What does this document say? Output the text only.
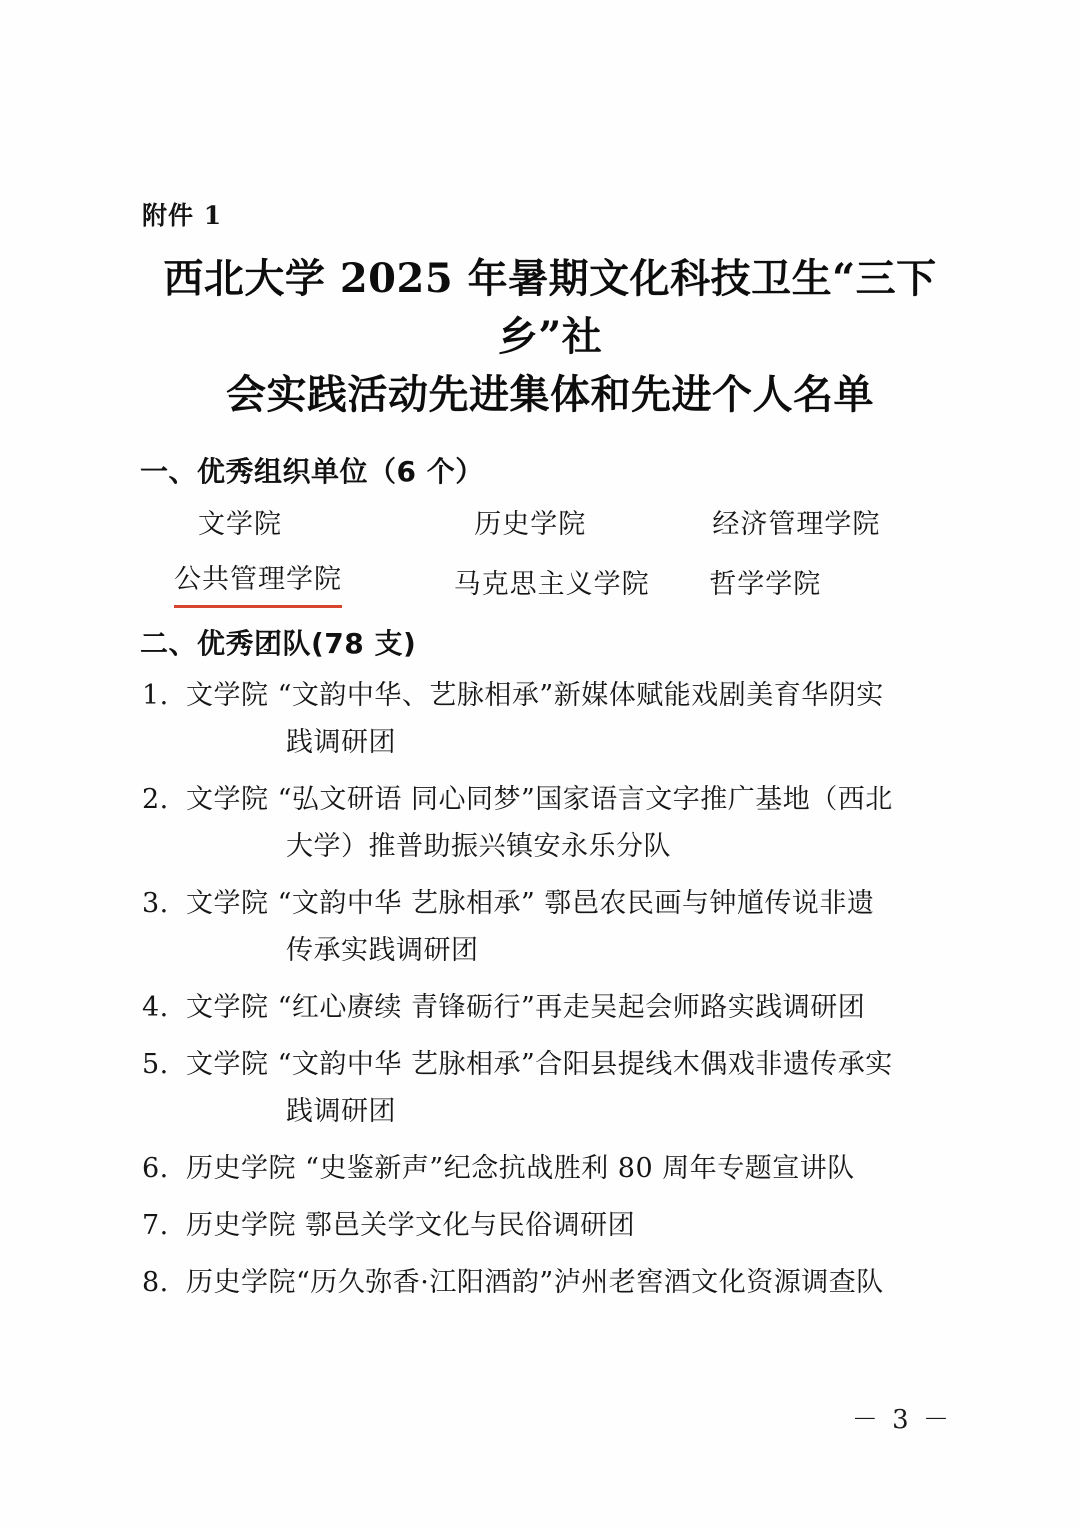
附件 1
西北大学 2025 年暑期文化科技卫生“三下乡”社
会实践活动先进集体和先进个人名单
一、优秀组织单位（6 个）
文学院	历史学院	经济管理学院
公共管理学院	马克思主义学院	哲学学院
二、优秀团队(78 支)
1. 文学院 “文韵中华、艺脉相承”新媒体赋能戏剧美育华阴实
践调研团
2. 文学院 “弘文研语 同心同梦”国家语言文字推广基地（西北
大学）推普助振兴镇安永乐分队
3. 文学院 “文韵中华 艺脉相承” 鄠邑农民画与钟馗传说非遗
传承实践调研团
4. 文学院 “红心赓续 青锋砺行”再走吴起会师路实践调研团
5. 文学院 “文韵中华 艺脉相承”合阳县提线木偶戏非遗传承实
践调研团
6. 历史学院 “史鉴新声”纪念抗战胜利 80 周年专题宣讲队
7. 历史学院 鄠邑关学文化与民俗调研团
8. 历史学院“历久弥香·江阳酒韵”泸州老窖酒文化资源调查队
－ 3 －
